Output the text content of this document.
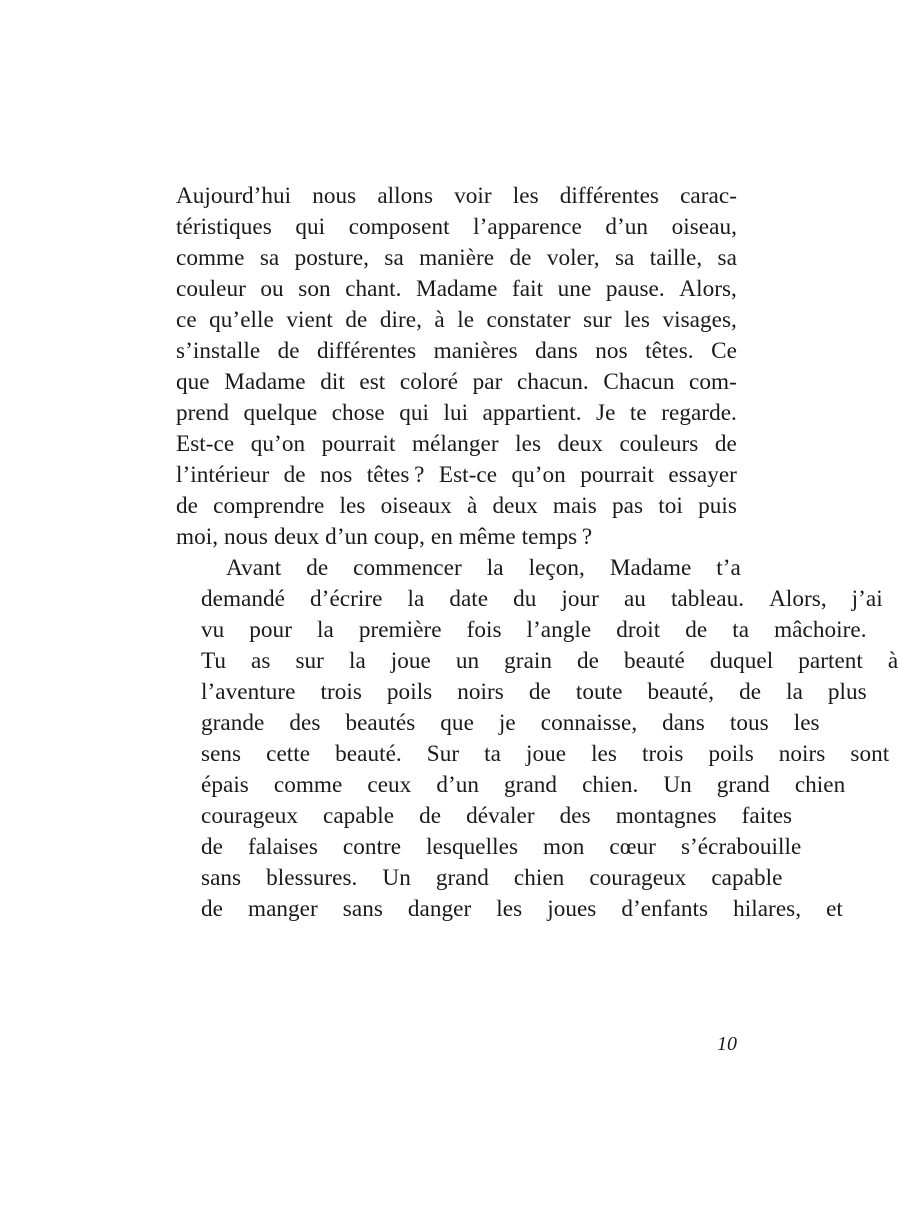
Aujourd’hui nous allons voir les différentes carac-
téristiques qui composent l’apparence d’un oiseau,
comme sa posture, sa manière de voler, sa taille, sa
couleur ou son chant. Madame fait une pause. Alors,
ce qu’elle vient de dire, à le constater sur les visages,
s’installe de différentes manières dans nos têtes. Ce
que Madame dit est coloré par chacun. Chacun com-
prend quelque chose qui lui appartient. Je te regarde.
Est-ce qu’on pourrait mélanger les deux couleurs de
l’intérieur de nos têtes ? Est-ce qu’on pourrait essayer
de comprendre les oiseaux à deux mais pas toi puis
moi, nous deux d’un coup, en même temps ?
Avant	de	commencer	la	leçon,	Madame	t’a
demandé	d’écrire	la	date	du	jour	au	tableau.	Alors,	j’ai
vu	pour	la	première	fois	l’angle	droit	de	ta	mâchoire.
Tu	as	sur	la	joue	un	grain	de	beauté	duquel	partent	à
l’aventure	trois	poils	noirs	de	toute	beauté,	de	la	plus
grande	des	beautés	que	je	connaisse,	dans	tous	les
sens	cette	beauté.	Sur	ta	joue	les	trois	poils	noirs	sont
épais	comme	ceux	d’un	grand	chien.	Un	grand	chien
courageux	capable	de	dévaler	des	montagnes	faites
de	falaises	contre	lesquelles	mon	cœur	s’écrabouille
sans	blessures.	Un	grand	chien	courageux	capable
de	manger	sans	danger	les	joues	d’enfants	hilares,	et
10
